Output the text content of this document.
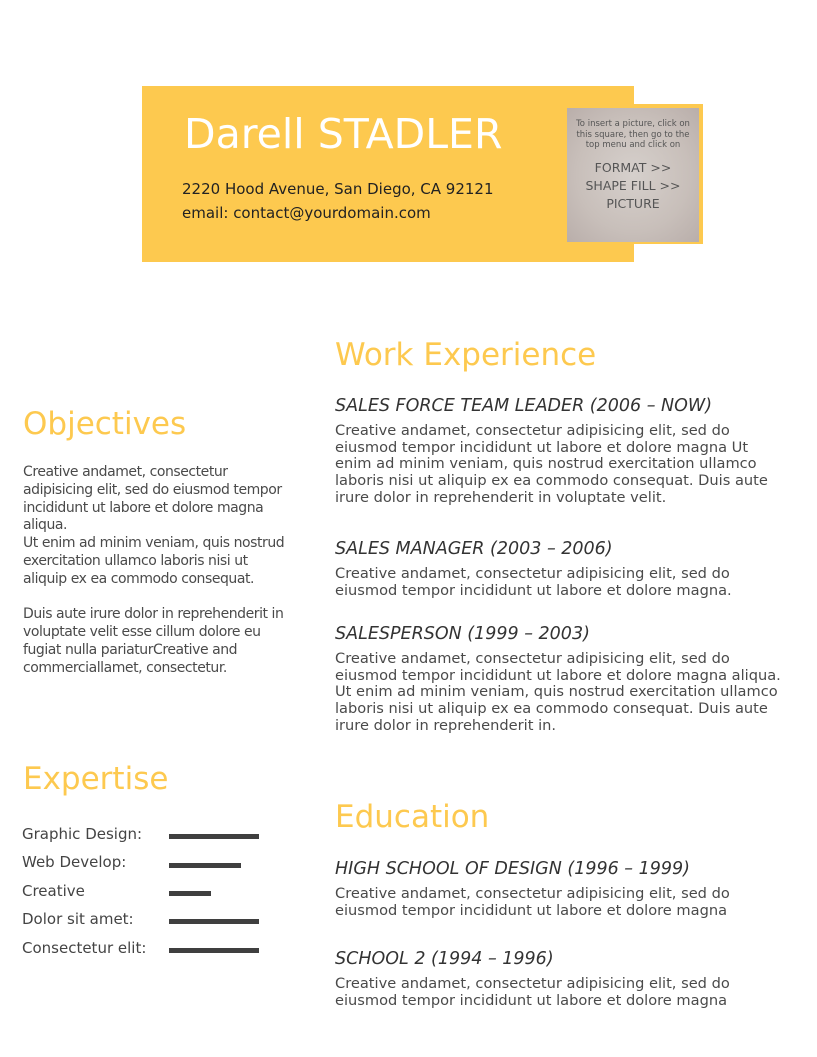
Darell STADLER
2220 Hood Avenue, San Diego, CA 92121
email: contact@yourdomain.com
To insert a picture, click on this square, then go to the top menu and click on
FORMAT >>
SHAPE FILL >>
PICTURE
Work Experience
SALES FORCE TEAM LEADER (2006 – NOW)
Creative andamet, consectetur adipisicing elit, sed do eiusmod tempor incididunt ut labore et dolore magna Ut enim ad minim veniam, quis nostrud exercitation ullamco laboris nisi ut aliquip ex ea commodo consequat. Duis aute irure dolor in reprehenderit in voluptate velit.
SALES MANAGER (2003 – 2006)
Creative andamet, consectetur adipisicing elit, sed do eiusmod tempor incididunt ut labore et dolore magna.
SALESPERSON (1999 – 2003)
Creative andamet, consectetur adipisicing elit, sed do eiusmod tempor incididunt ut labore et dolore magna aliqua. Ut enim ad minim veniam, quis nostrud exercitation ullamco laboris nisi ut aliquip ex ea commodo consequat. Duis aute irure dolor in reprehenderit in.
Education
HIGH SCHOOL OF DESIGN (1996 – 1999)
Creative andamet, consectetur adipisicing elit, sed do eiusmod tempor incididunt ut labore et dolore magna
SCHOOL 2 (1994 – 1996)
Creative andamet, consectetur adipisicing elit, sed do eiusmod tempor incididunt ut labore et dolore magna
Objectives

Creative andamet, consectetur adipisicing elit, sed do eiusmod tempor incididunt ut labore et dolore magna aliqua.

Ut enim ad minim veniam, quis nostrud exercitation ullamco laboris nisi ut aliquip ex ea commodo consequat.

Duis aute irure dolor in reprehenderit in voluptate velit esse cillum dolore eu fugiat nulla pariaturCreative and commerciallamet, consectetur.

Expertise
Graphic Design:
Web Develop:
Creative
Dolor sit amet:
Consectetur elit:
